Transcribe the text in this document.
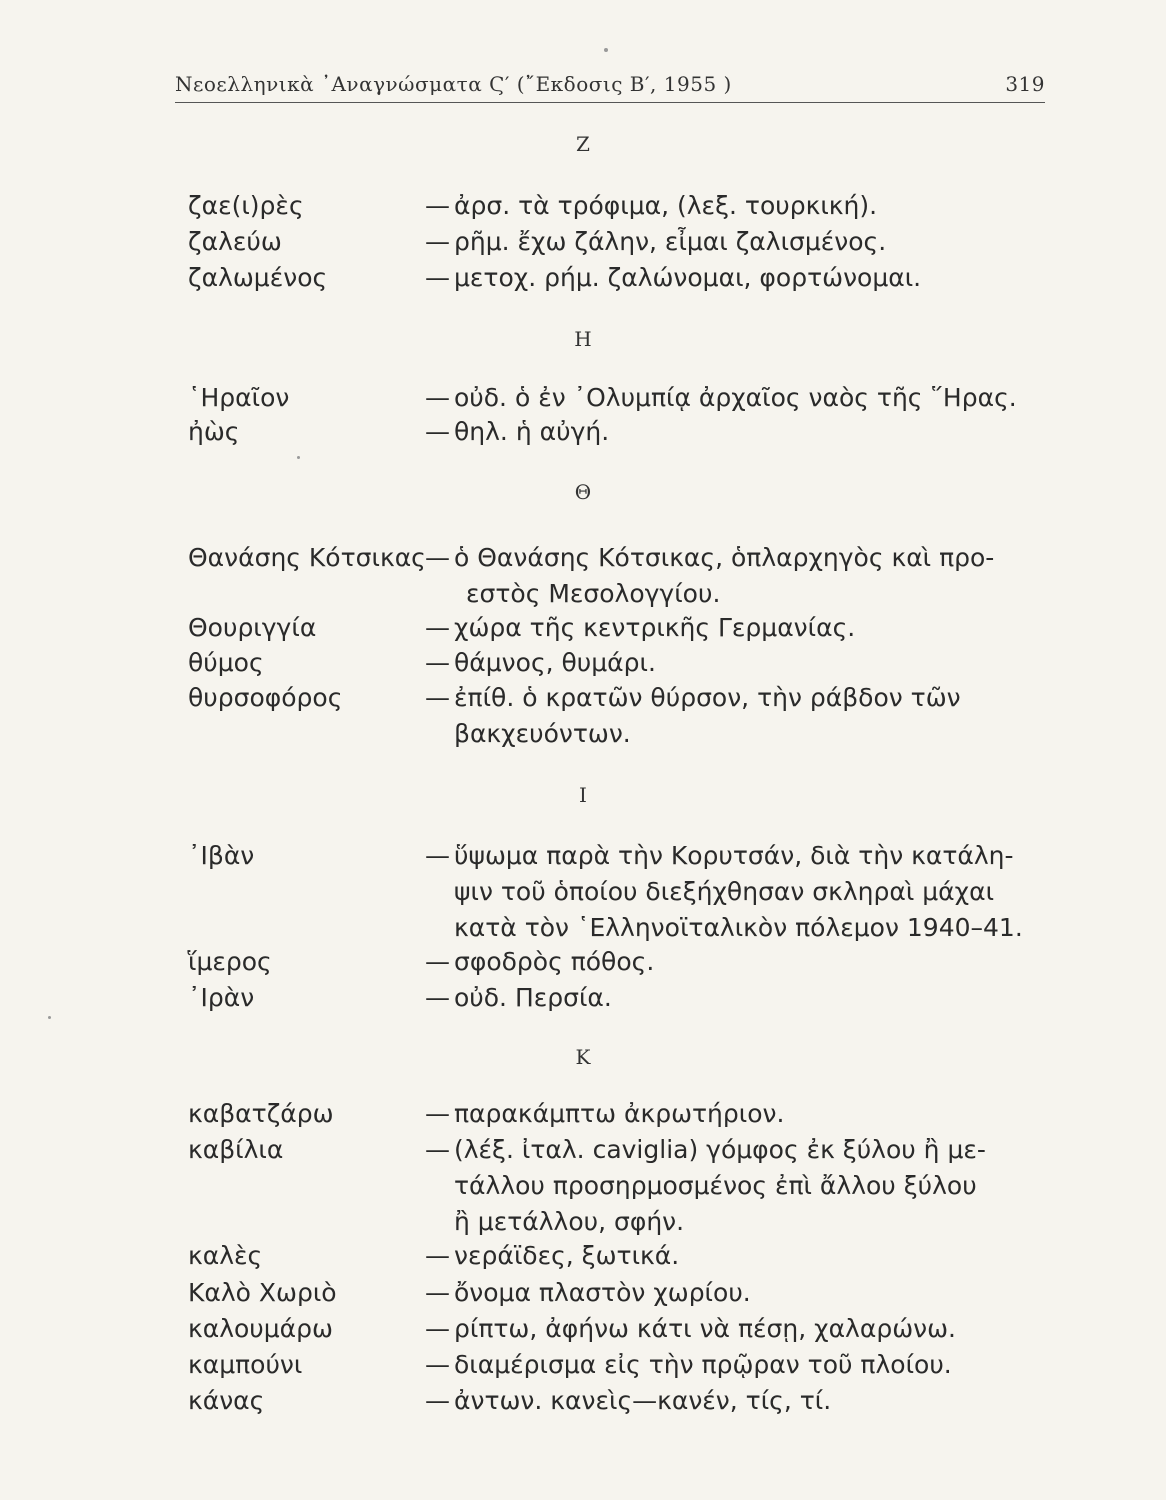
Νεοελληνικὰ ᾿Αναγνώσματα Ϛ′ (῎Εκδοσις Β′, 1955 )	319
Ζ
ζαε(ι)ρὲς	— ἀρσ. τὰ τρόφιμα, (λεξ. τουρκική).
ζαλεύω	— ρῆμ. ἔχω ζάλην, εἶμαι ζαλισμένος.
ζαλωμένος	— μετοχ. ρήμ. ζαλώνομαι, φορτώνομαι.
Η
῾Ηραῖον	— οὐδ. ὁ ἐν ᾿Ολυμπίᾳ ἀρχαῖος ναὸς τῆς ῞Ηρας.
ἠὼς	— θηλ. ἡ αὐγή.
Θ
Θανάσης Κότσικας — ὁ Θανάσης Κότσικας, ὁπλαρχηγὸς καὶ προ-
εστὸς Μεσολογγίου.
Θουριγγία	— χώρα τῆς κεντρικῆς Γερμανίας.
θύμος	— θάμνος, θυμάρι.
θυρσοφόρος	— ἐπίθ. ὁ κρατῶν θύρσον, τὴν ράβδον τῶν
βακχευόντων.
Ι
᾿Ιβὰν	— ὕψωμα παρὰ τὴν Κορυτσάν, διὰ τὴν κατάλη-
ψιν τοῦ ὁποίου διεξήχθησαν σκληραὶ μάχαι
κατὰ τὸν ῾Ελληνοϊταλικὸν πόλεμον 1940–41.
ἵμερος	— σφοδρὸς πόθος.
᾿Ιρὰν	— οὐδ. Περσία.
Κ
καβατζάρω	— παρακάμπτω ἀκρωτήριον.
καβίλια	— (λέξ. ἰταλ. caviglia) γόμφος ἐκ ξύλου ἢ με-
τάλλου προσηρμοσμένος ἐπὶ ἄλλου ξύλου
ἢ μετάλλου, σφήν.
καλὲς	— νεράϊδες, ξωτικά.
Καλὸ Χωριὸ	— ὄνομα πλαστὸν χωρίου.
καλουμάρω	— ρίπτω, ἀφήνω κάτι νὰ πέσῃ, χαλαρώνω.
καμπούνι	— διαμέρισμα εἰς τὴν πρῷραν τοῦ πλοίου.
κάνας	— ἀντων. κανεὶς—κανέν, τίς, τί.
